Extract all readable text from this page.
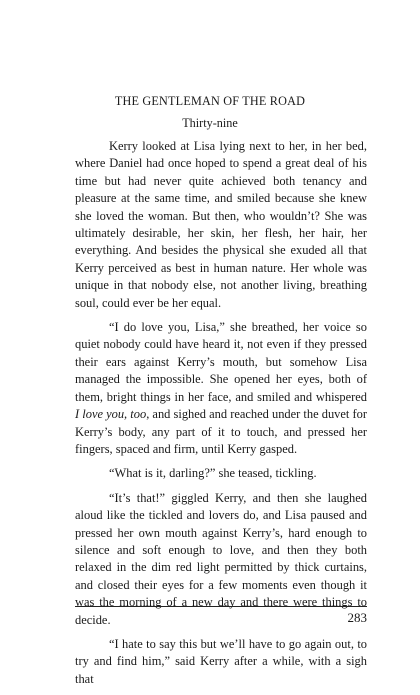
THE GENTLEMAN OF THE ROAD
Thirty-nine

Kerry looked at Lisa lying next to her, in her bed, where Daniel had once hoped to spend a great deal of his time but had never quite achieved both tenancy and pleasure at the same time, and smiled because she knew she loved the woman. But then, who wouldn’t? She was ultimately desirable, her skin, her flesh, her hair, her everything. And besides the physical she exuded all that Kerry perceived as best in human nature. Her whole was unique in that nobody else, not another living, breathing soul, could ever be her equal.

“I do love you, Lisa,” she breathed, her voice so quiet nobody could have heard it, not even if they pressed their ears against Kerry’s mouth, but somehow Lisa managed the impossible. She opened her eyes, both of them, bright things in her face, and smiled and whispered I love you, too, and sighed and reached under the duvet for Kerry’s body, any part of it to touch, and pressed her fingers, spaced and firm, until Kerry gasped.

“What is it, darling?” she teased, tickling.

“It’s that!” giggled Kerry, and then she laughed aloud like the tickled and lovers do, and Lisa paused and pressed her own mouth against Kerry’s, hard enough to silence and soft enough to love, and then they both relaxed in the dim red light permitted by thick curtains, and closed their eyes for a few moments even though it was the morning of a new day and there were things to decide.

“I hate to say this but we’ll have to go again out, to try and find him,” said Kerry after a while, with a sigh that

283
